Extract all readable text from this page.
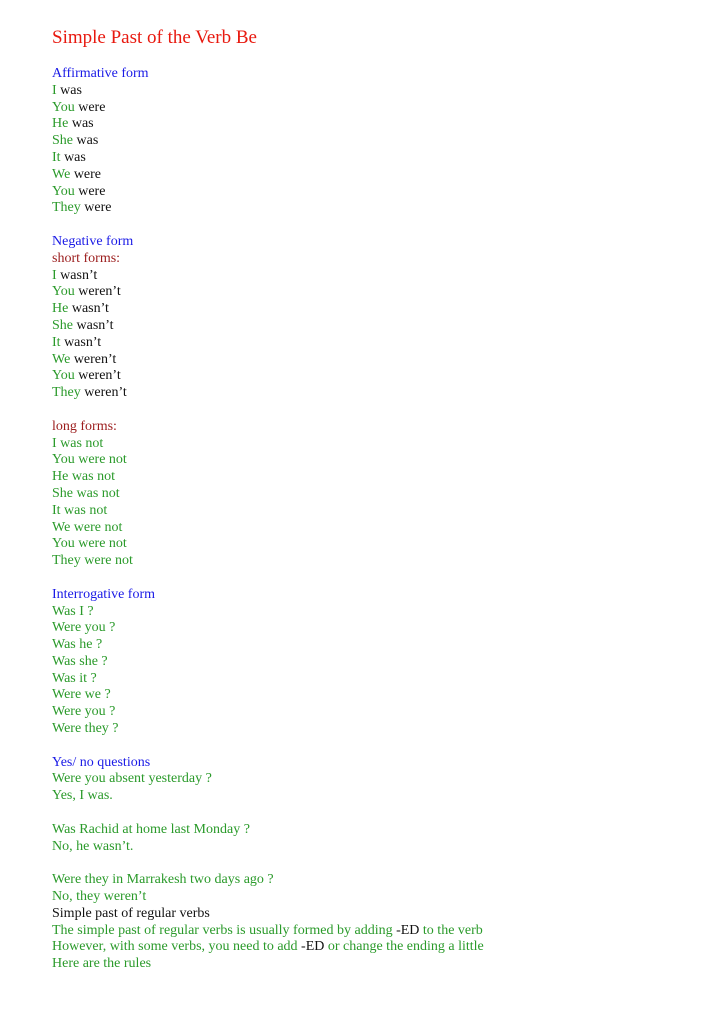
Simple Past of the Verb Be
Affirmative form
I was
You were
He was
She was
It was
We were
You were
They were
Negative form
short forms:
I wasn’t
You weren’t
He wasn’t
She wasn’t
It wasn’t
We weren’t
You weren’t
They weren’t
long forms:
I was not
You were not
He was not
She was not
It was not
We were not
You were not
They were not
Interrogative form
Was I ?
Were you ?
Was he ?
Was she ?
Was it ?
Were we ?
Were you ?
Were they ?
Yes/ no questions
Were you absent yesterday ?
Yes, I was.
Was Rachid at home last Monday ?
No, he wasn’t.
Were they in Marrakesh two days ago ?
No, they weren’t
Simple past of regular verbs
The simple past of regular verbs is usually formed by adding -ED to the verb
However, with some verbs, you need to add -ED or change the ending a little
Here are the rules
